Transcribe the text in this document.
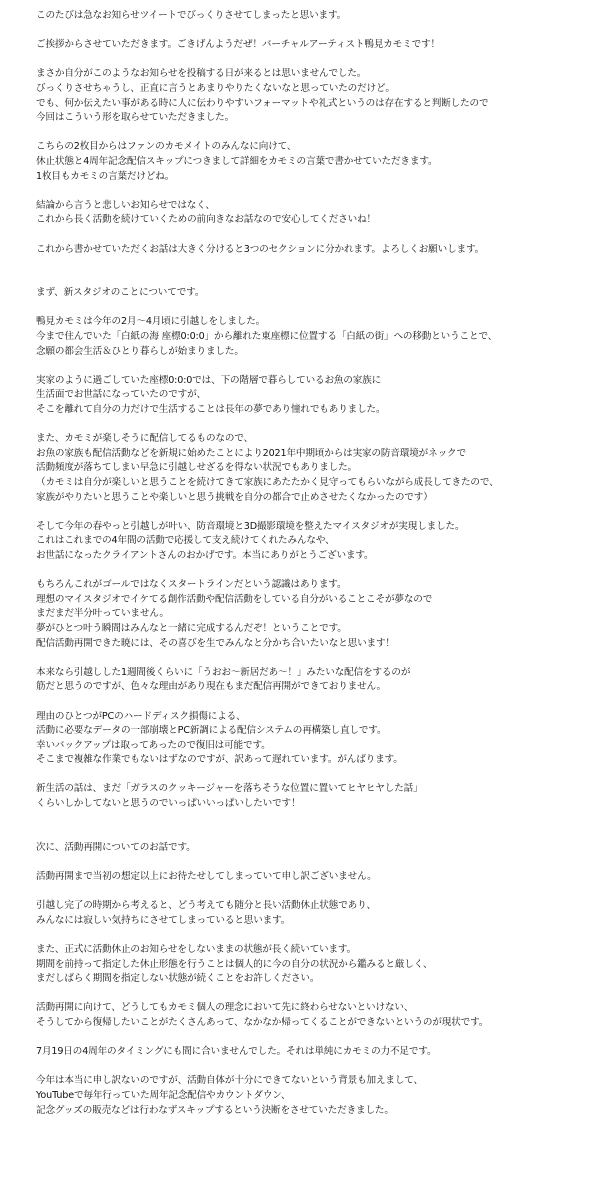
このたびは急なお知らせツイートでびっくりさせてしまったと思います。
ご挨拶からさせていただきます。ごきげんようだぜ！バーチャルアーティスト鴨見カモミです！
まさか自分がこのようなお知らせを投稿する日が来るとは思いませんでした。
びっくりさせちゃうし、正直に言うとあまりやりたくないなと思っていたのだけど。
でも、何か伝えたい事がある時に人に伝わりやすいフォーマットや礼式というのは存在すると判断したので
今回はこういう形を取らせていただきました。
こちらの2枚目からはファンのカモメイトのみんなに向けて、
休止状態と4周年記念配信スキップにつきまして詳細をカモミの言葉で書かせていただきます。
1枚目もカモミの言葉だけどね。
結論から言うと悲しいお知らせではなく、
これから長く活動を続けていくための前向きなお話なので安心してくださいね！
これから書かせていただくお話は大きく分けると3つのセクションに分かれます。よろしくお願いします。
まず、新スタジオのことについてです。
鴨見カモミは今年の2月～4月頃に引越しをしました。
今まで住んでいた「白紙の海 座標0:0:0」から離れた東座標に位置する「白紙の街」への移動ということで、
念願の都会生活＆ひとり暮らしが始まりました。
実家のように過ごしていた座標0:0:0では、下の階層で暮らしているお魚の家族に
生活面でお世話になっていたのですが、
そこを離れて自分の力だけで生活することは長年の夢であり憧れでもありました。
また、カモミが楽しそうに配信してるものなので、
お魚の家族も配信活動などを新規に始めたことにより2021年中期頃からは実家の防音環境がネックで
活動頻度が落ちてしまい早急に引越しせざるを得ない状況でもありました。
（カモミは自分が楽しいと思うことを続けてきて家族にあたたかく見守ってもらいながら成長してきたので、
家族がやりたいと思うことや楽しいと思う挑戦を自分の都合で止めさせたくなかったのです）
そして今年の春やっと引越しが叶い、防音環境と3D撮影環境を整えたマイスタジオが実現しました。
これはこれまでの4年間の活動で応援して支え続けてくれたみんなや、
お世話になったクライアントさんのおかげです。本当にありがとうございます。
もちろんこれがゴールではなくスタートラインだという認識はあります。
理想のマイスタジオでイケてる創作活動や配信活動をしている自分がいることこそが夢なので
まだまだ半分叶っていません。
夢がひとつ叶う瞬間はみんなと一緒に完成するんだぞ！ということです。
配信活動再開できた暁には、その喜びを生でみんなと分かち合いたいなと思います！
本来なら引越しした1週間後くらいに「うおお～新居だあ～！」みたいな配信をするのが
筋だと思うのですが、色々な理由があり現在もまだ配信再開ができておりません。
理由のひとつがPCのハードディスク損傷による、
活動に必要なデータの一部崩壊とPC新調による配信システムの再構築し直しです。
幸いバックアップは取ってあったので復旧は可能です。
そこまで複雑な作業でもないはずなのですが、訳あって遅れています。がんばります。
新生活の話は、まだ「ガラスのクッキージャーを落ちそうな位置に置いてヒヤヒヤした話」
くらいしかしてないと思うのでいっぱいいっぱいしたいです！
次に、活動再開についてのお話です。
活動再開まで当初の想定以上にお待たせしてしまっていて申し訳ございません。
引越し完了の時期から考えると、どう考えても随分と長い活動休止状態であり、
みんなには寂しい気持ちにさせてしまっていると思います。
また、正式に活動休止のお知らせをしないままの状態が長く続いています。
期間を前持って指定した休止形態を行うことは個人的に今の自分の状況から鑑みると厳しく、
まだしばらく期間を指定しない状態が続くことをお許しください。
活動再開に向けて、どうしてもカモミ個人の理念において先に終わらせないといけない、
そうしてから復帰したいことがたくさんあって、なかなか帰ってくることができないというのが現状です。
7月19日の4周年のタイミングにも間に合いませんでした。それは単純にカモミの力不足です。
今年は本当に申し訳ないのですが、活動自体が十分にできてないという背景も加えまして、
YouTubeで毎年行っていた周年記念配信やカウントダウン、
記念グッズの販売などは行わなずスキップするという決断をさせていただきました。
